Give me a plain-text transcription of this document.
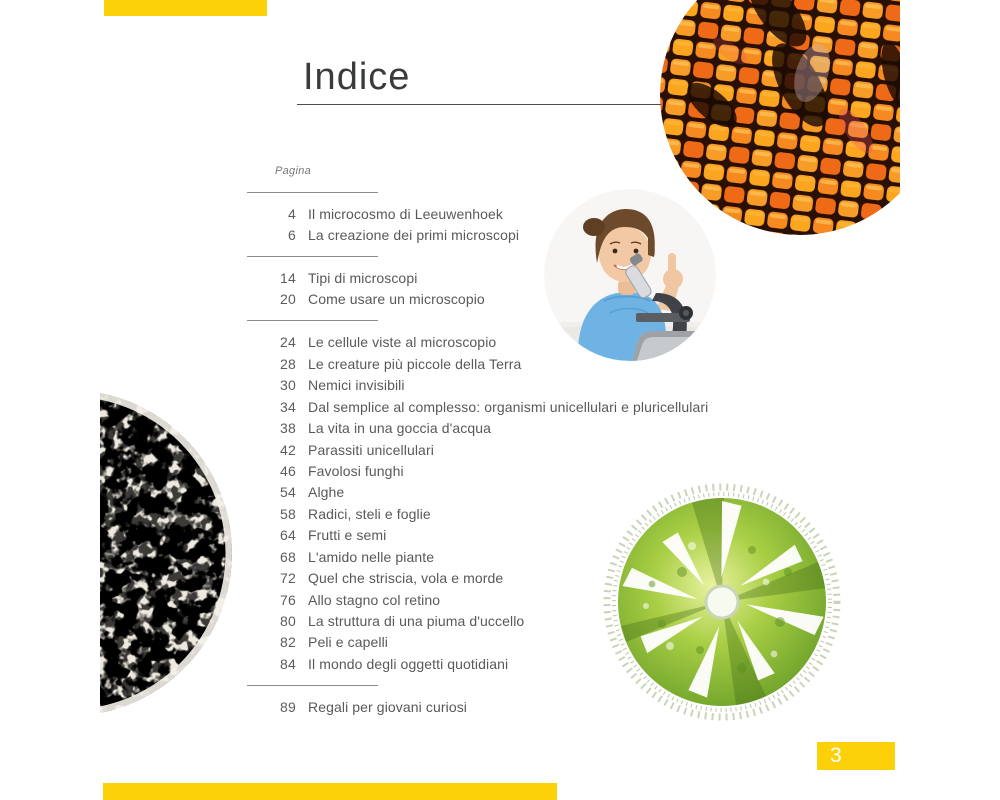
Indice
Pagina
4 Il microcosmo di Leeuwenhoek
6 La creazione dei primi microscopi
14 Tipi di microscopi
20 Come usare un microscopio
24 Le cellule viste al microscopio
28 Le creature più piccole della Terra
30 Nemici invisibili
34 Dal semplice al complesso: organismi unicellulari e pluricellulari
38 La vita in una goccia d'acqua
42 Parassiti unicellulari
46 Favolosi funghi
54 Alghe
58 Radici, steli e foglie
64 Frutti e semi
68 L'amido nelle piante
72 Quel che striscia, vola e morde
76 Allo stagno col retino
80 La struttura di una piuma d'uccello
82 Peli e capelli
84 Il mondo degli oggetti quotidiani
89 Regali per giovani curiosi
3
